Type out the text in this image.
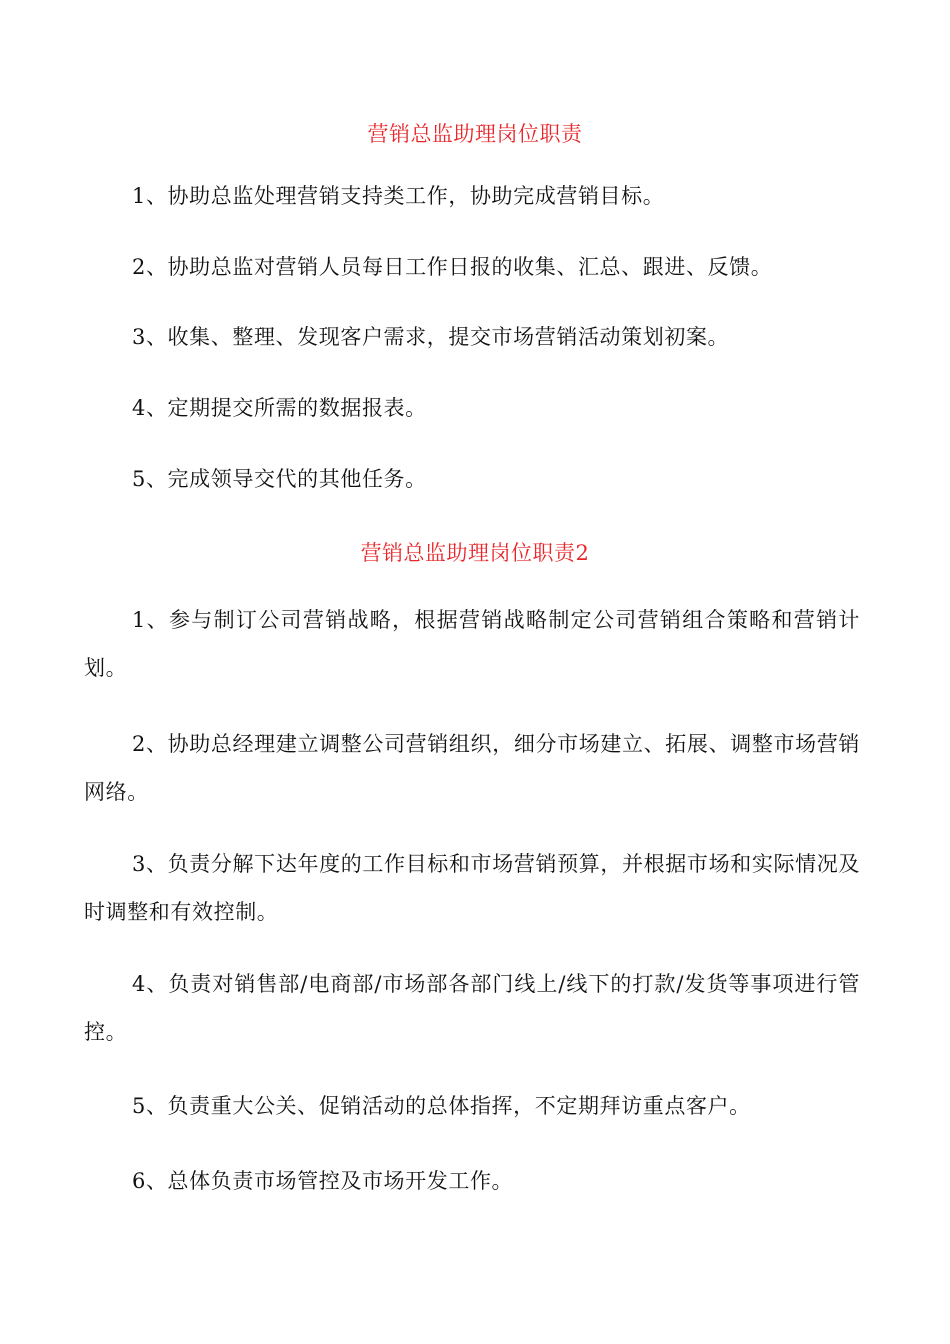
营销总监助理岗位职责
1、协助总监处理营销支持类工作，协助完成营销目标。
2、协助总监对营销人员每日工作日报的收集、汇总、跟进、反馈。
3、收集、整理、发现客户需求，提交市场营销活动策划初案。
4、定期提交所需的数据报表。
5、完成领导交代的其他任务。
营销总监助理岗位职责2
1、参与制订公司营销战略，根据营销战略制定公司营销组合策略和营销计划。
2、协助总经理建立调整公司营销组织，细分市场建立、拓展、调整市场营销网络。
3、负责分解下达年度的工作目标和市场营销预算，并根据市场和实际情况及时调整和有效控制。
4、负责对销售部/电商部/市场部各部门线上/线下的打款/发货等事项进行管控。
5、负责重大公关、促销活动的总体指挥，不定期拜访重点客户。
6、总体负责市场管控及市场开发工作。
